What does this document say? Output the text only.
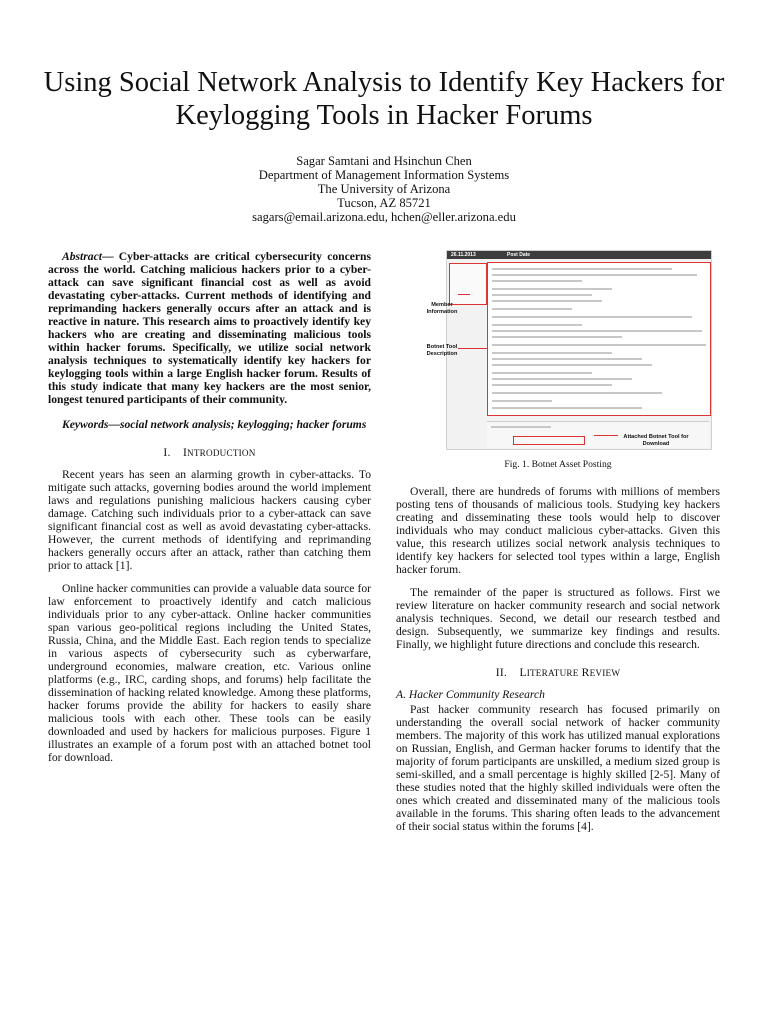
Using Social Network Analysis to Identify Key Hackers for Keylogging Tools in Hacker Forums
Sagar Samtani and Hsinchun Chen
Department of Management Information Systems
The University of Arizona
Tucson, AZ 85721
sagars@email.arizona.edu, hchen@eller.arizona.edu

Abstract— Cyber-attacks are critical cybersecurity concerns across the world. Catching malicious hackers prior to a cyber-attack can save significant financial cost as well as avoid devastating cyber-attacks. Current methods of identifying and reprimanding hackers generally occurs after an attack and is reactive in nature. This research aims to proactively identify key hackers who are creating and disseminating malicious tools within hacker forums. Specifically, we utilize social network analysis techniques to systematically identify key hackers for keylogging tools within a large English hacker forum. Results of this study indicate that many key hackers are the most senior, longest tenured participants of their community.

Keywords—social network analysis; keylogging; hacker forums

I. INTRODUCTION

Recent years has seen an alarming growth in cyber-attacks. To mitigate such attacks, governing bodies around the world implement laws and regulations punishing malicious hackers causing cyber damage. Catching such individuals prior to a cyber-attack can save significant financial cost as well as avoid devastating cyber-attacks. However, the current methods of identifying and reprimanding hackers generally occurs after an attack, rather than catching them prior to attack [1].

Online hacker communities can provide a valuable data source for law enforcement to proactively identify and catch malicious individuals prior to any cyber-attack. Online hacker communities span various geo-political regions including the United States, Russia, China, and the Middle East. Each region tends to specialize in various aspects of cybersecurity such as cyberwarfare, underground economies, malware creation, etc. Various online platforms (e.g., IRC, carding shops, and forums) help facilitate the dissemination of hacking related knowledge. Among these platforms, hacker forums provide the ability for hackers to easily share malicious tools with each other. These tools can be easily downloaded and used by hackers for malicious purposes. Figure 1 illustrates an example of a forum post with an attached botnet tool for download.

26.11.2013	Post Date
Member Information
Botnet Tool Description
Attached Botnet Tool for Download

Fig. 1. Botnet Asset Posting

Overall, there are hundreds of forums with millions of members posting tens of thousands of malicious tools. Studying key hackers creating and disseminating these tools would help to discover individuals who may conduct malicious cyber-attacks. Given this value, this research utilizes social network analysis techniques to identify key hackers for selected tool types within a large, English hacker forum.

The remainder of the paper is structured as follows. First we review literature on hacker community research and social network analysis techniques. Second, we detail our research testbed and design. Subsequently, we summarize key findings and results. Finally, we highlight future directions and conclude this research.

II. LITERATURE REVIEW

A. Hacker Community Research

Past hacker community research has focused primarily on understanding the overall social network of hacker community members. The majority of this work has utilized manual explorations on Russian, English, and German hacker forums to identify that the majority of forum participants are unskilled, a medium sized group is semi-skilled, and a small percentage is highly skilled [2-5]. Many of these studies noted that the highly skilled individuals were often the ones which created and disseminated many of the malicious tools available in the forums. This sharing often leads to the advancement of their social status within the forums [4].
